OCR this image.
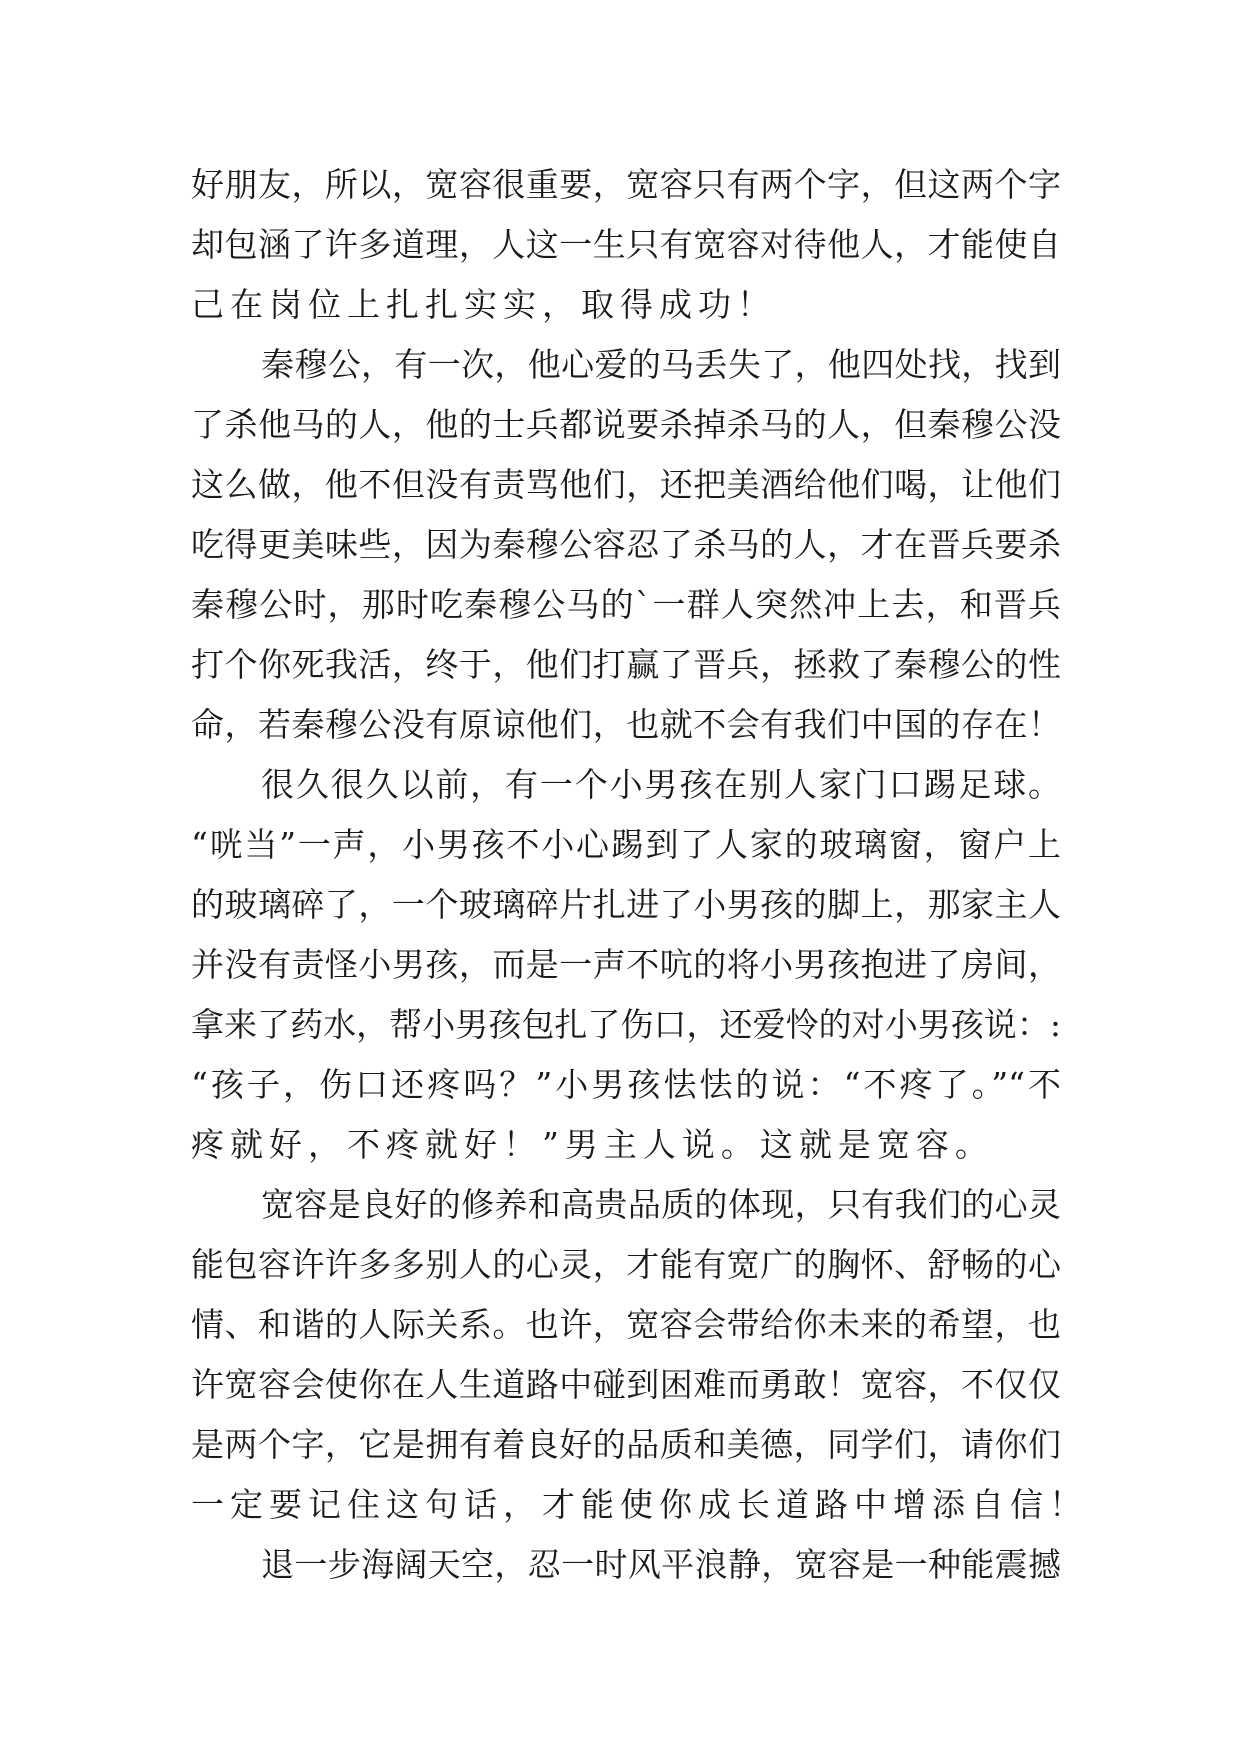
好朋友，所以，宽容很重要，宽容只有两个字，但这两个字
却包涵了许多道理，人这一生只有宽容对待他人，才能使自
己在岗位上扎扎实实，取得成功！
秦穆公，有一次，他心爱的马丢失了，他四处找，找到
了杀他马的人，他的士兵都说要杀掉杀马的人，但秦穆公没
这么做，他不但没有责骂他们，还把美酒给他们喝，让他们
吃得更美味些，因为秦穆公容忍了杀马的人，才在晋兵要杀
秦穆公时，那时吃秦穆公马的`一群人突然冲上去，和晋兵
打个你死我活，终于，他们打赢了晋兵，拯救了秦穆公的性
命，若秦穆公没有原谅他们，也就不会有我们中国的存在！
很久很久以前，有一个小男孩在别人家门口踢足球。
“咣当”一声，小男孩不小心踢到了人家的玻璃窗，窗户上
的玻璃碎了，一个玻璃碎片扎进了小男孩的脚上，那家主人
并没有责怪小男孩，而是一声不吭的将小男孩抱进了房间，
拿来了药水，帮小男孩包扎了伤口，还爱怜的对小男孩说：:
“孩子，伤口还疼吗？”小男孩怯怯的说：“不疼了。”“不
疼就好，不疼就好！”男主人说。这就是宽容。
宽容是良好的修养和高贵品质的体现，只有我们的心灵
能包容许许多多别人的心灵，才能有宽广的胸怀、舒畅的心
情、和谐的人际关系。也许，宽容会带给你未来的希望，也
许宽容会使你在人生道路中碰到困难而勇敢！宽容，不仅仅
是两个字，它是拥有着良好的品质和美德，同学们，请你们
一定要记住这句话，才能使你成长道路中增添自信！
退一步海阔天空，忍一时风平浪静，宽容是一种能震撼
